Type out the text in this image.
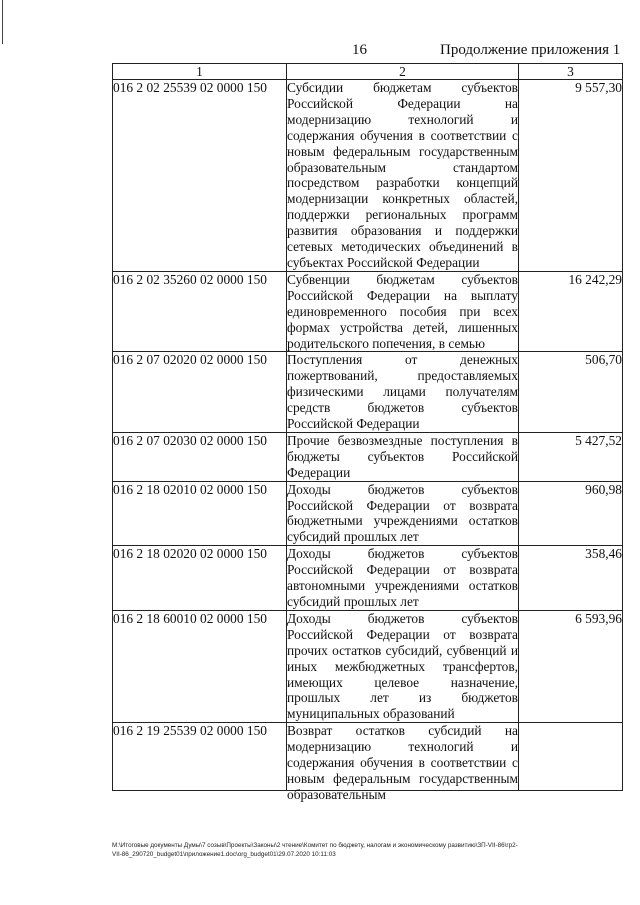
16	Продолжение приложения 1
1	2	3
016 2 02 25539 02 0000 150	Субсидии бюджетам субъектов Российской Федерации на модернизацию технологий и содержания обучения в соответствии с новым федеральным государственным образовательным стандартом посредством разработки концепций модернизации конкретных областей, поддержки региональных программ развития образования и поддержки сетевых методических объединений в субъектах Российской Федерации	9 557,30
016 2 02 35260 02 0000 150	Субвенции бюджетам субъектов Российской Федерации на выплату единовременного пособия при всех формах устройства детей, лишенных родительского попечения, в семью	16 242,29
016 2 07 02020 02 0000 150	Поступления от денежных пожертвований, предоставляемых физическими лицами получателям средств бюджетов субъектов Российской Федерации	506,70
016 2 07 02030 02 0000 150	Прочие безвозмездные поступления в бюджеты субъектов Российской Федерации	5 427,52
016 2 18 02010 02 0000 150	Доходы бюджетов субъектов Российской Федерации от возврата бюджетными учреждениями остатков субсидий прошлых лет	960,98
016 2 18 02020 02 0000 150	Доходы бюджетов субъектов Российской Федерации от возврата автономными учреждениями остатков субсидий прошлых лет	358,46
016 2 18 60010 02 0000 150	Доходы бюджетов субъектов Российской Федерации от возврата прочих остатков субсидий, субвенций и иных межбюджетных трансфертов, имеющих целевое назначение, прошлых лет из бюджетов муниципальных образований	6 593,96
016 2 19 25539 02 0000 150	Возврат остатков субсидий на модернизацию технологий и содержания обучения в соответствии с новым федеральным государственным образовательным	

M:\Итоговые документы Думы\7 созыв\Проекты\Законы\2 чтение\Комитет по бюджету, налогам и экономическому развитию\ЗП-VII-86\гр2-VII-86_290720_budget01\приложение1.doc\org_budget01\29.07.2020 10:11:03
